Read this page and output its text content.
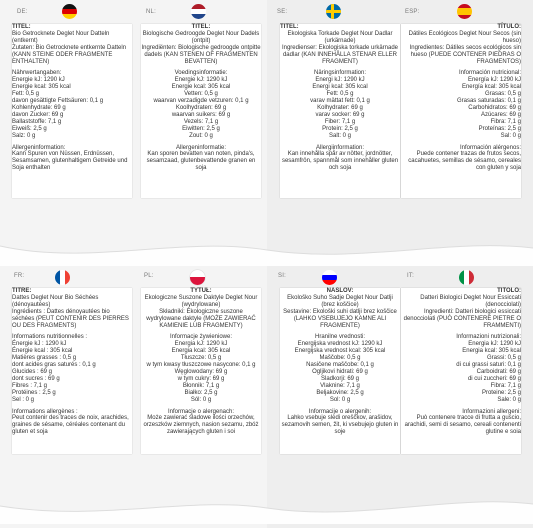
DE:	NL:	SE:	ESP:
FR:	PL:	SI:	IT:
TITEL:
Bio Getrocknete Deglet Nour Datteln (entkernt)
Zutaten: Bio Getrocknete entkernte Datteln (KANN STEINE ODER FRAGMENTE ENTHALTEN)
Nährwertangaben:
Energie kJ: 1290 kJ
Energie kcal: 305 kcal
Fett: 0,5 g
davon gesättigte Fettsäuren: 0,1 g
Kohlenhydrate: 69 g
davon Zucker: 69 g
Ballaststoffe: 7,1 g
Eiweiß: 2,5 g
Salz: 0 g
Allergeninformation:
Kann Spuren von Nüssen, Erdnüssen, Sesamsamen, glutenhaltigem Getreide und Soja enthalten
TITEL:
Biologische Gedroogde Deglet Nour Dadels (ontpit)
Ingrediënten: Biologische gedroogde ontpitte dadels (KAN STENEN OF FRAGMENTEN BEVATTEN)
Voedingsinformatie:
Energie kJ: 1290 kJ
Energie kcal: 305 kcal
Vetten: 0,5 g
waarvan verzadigde vetzuren: 0,1 g
Koolhydraten: 69 g
waarvan suikers: 69 g
Vezels: 7,1 g
Eiwitten: 2,5 g
Zout: 0 g
Allergeninformatie:
Kan sporen bevatten van noten, pinda's, sesamzaad, glutenbevattende granen en soja
TITEL:
Ekologiska Torkade Deglet Nour Dadlar (urkärnade)
Ingredienser: Ekologiska torkade urkärnade dadlar (KAN INNEHÅLLA STENAR ELLER FRAGMENT)
Näringsinformation:
Energi kJ: 1290 kJ
Energi kcal: 305 kcal
Fett: 0,5 g
varav mättat fett: 0,1 g
Kolhydrater: 69 g
varav socker: 69 g
Fiber: 7,1 g
Protein: 2,5 g
Salt: 0 g
Allergiinformation:
Kan innehålla spår av nötter, jordnötter, sesamfrön, spannmål som innehåller gluten och soja
TÍTULO:
Dátiles Ecológicos Deglet Nour Secos (sin hueso)
Ingredientes: Dátiles secos ecológicos sin hueso (PUEDE CONTENER PIEDRAS O FRAGMENTOS)
Información nutricional:
Energía kJ: 1290 kJ
Energía kcal: 305 kcal
Grasas: 0,5 g
Grasas saturadas: 0,1 g
Carbohidratos: 69 g
Azúcares: 69 g
Fibra: 7,1 g
Proteínas: 2,5 g
Sal: 0 g
Información alérgenos:
Puede contener trazas de frutos secos, cacahuetes, semillas de sésamo, cereales con gluten y soja
TITRE:
Dattes Deglet Nour Bio Séchées (dénoyautées)
Ingrédients : Dattes dénoyautées bio séchées (PEUT CONTENIR DES PIERRES OU DES FRAGMENTS)
Informations nutritionnelles :
Énergie kJ : 1290 kJ
Énergie kcal : 305 kcal
Matières grasses : 0,5 g
dont acides gras saturés : 0,1 g
Glucides : 69 g
dont sucres : 69 g
Fibres : 7,1 g
Protéines : 2,5 g
Sel : 0 g
Informations allergènes :
Peut contenir des traces de noix, arachides, graines de sésame, céréales contenant du gluten et soja
TYTUŁ:
Ekologiczne Suszone Daktyle Deglet Nour (wydrylowane)
Składniki: Ekologiczne suszone wydrylowane daktyle (MOŻE ZAWIERAĆ KAMIENIE LUB FRAGMENTY)
Informacje żywieniowe:
Energia kJ: 1290 kJ
Energia kcal: 305 kcal
Tłuszcze: 0,5 g
w tym kwasy tłuszczowe nasycone: 0,1 g
Węglowodany: 69 g
w tym cukry: 69 g
Błonnik: 7,1 g
Białko: 2,5 g
Sól: 0 g
Informacje o alergenach:
Może zawierać śladowe ilości orzechów, orzeszków ziemnych, nasion sezamu, zbóż zawierających gluten i soi
NASLOV:
Ekološko Suho Sadje Deglet Nour Datlji (brez koščice)
Sestavine: Ekološki suhi datlji brez koščice (LAHKO VSEBUJEJO KAMNE ALI FRAGMENTE)
Hranilne vrednosti:
Energijska vrednost kJ: 1290 kJ
Energijska vrednost kcal: 305 kcal
Maščobe: 0,5 g
Nasičene maščobe: 0,1 g
Ogljikovi hidrati: 69 g
Sladkorji: 69 g
Vlaknine: 7,1 g
Beljakovine: 2,5 g
Sol: 0 g
Informacije o alergenih:
Lahko vsebuje sledi oreščkov, arašidov, sezamovih semen, žit, ki vsebujejo gluten in soje
TITOLO:
Datteri Biologici Deglet Nour Essiccati (denocciolati)
Ingredienti: Datteri biologici essiccati denocciolati (PUÒ CONTENERE PIETRE O FRAMMENTI)
Informazioni nutrizionali:
Energia kJ: 1290 kJ
Energia kcal: 305 kcal
Grassi: 0,5 g
di cui grassi saturi: 0,1 g
Carboidrati: 69 g
di cui zuccheri: 69 g
Fibra: 7,1 g
Proteine: 2,5 g
Sale: 0 g
Informazioni allergeni:
Può contenere tracce di frutta a guscio, arachidi, semi di sesamo, cereali contenenti glutine e soia
